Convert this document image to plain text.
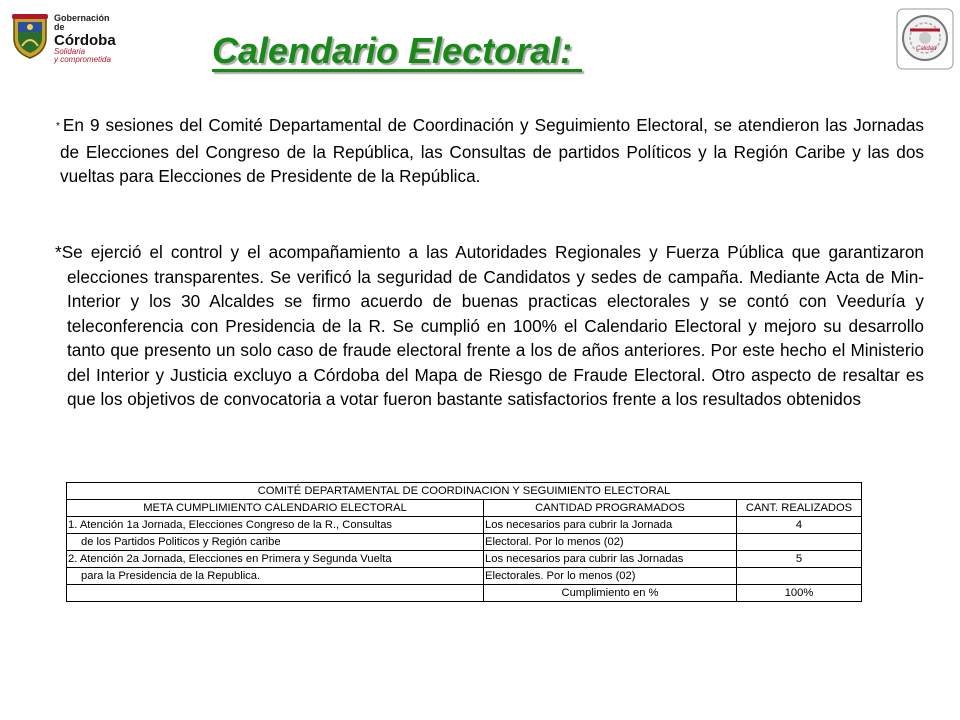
Gobernación de
Córdoba
Solidaria
y comprometida
Calidad
Calendario Electoral:

* En 9 sesiones del Comité Departamental de Coordinación y Seguimiento Electoral, se atendieron las Jornadas de Elecciones del Congreso de la República, las Consultas de partidos Políticos y la Región Caribe y las dos vueltas para Elecciones de Presidente de la República.

*Se ejerció el control y el acompañamiento a las Autoridades Regionales y Fuerza Pública que garantizaron elecciones transparentes. Se verificó la seguridad de Candidatos y sedes de campaña. Mediante Acta de Min-Interior y los 30 Alcaldes se firmo acuerdo de buenas practicas electorales y se contó con Veeduría y teleconferencia con Presidencia de la R. Se cumplió en 100% el Calendario Electoral y mejoro su desarrollo tanto que presento un solo caso de fraude electoral frente a los de años anteriores. Por este hecho el Ministerio del Interior y Justicia excluyo a Córdoba del Mapa de Riesgo de Fraude Electoral. Otro aspecto de resaltar es que los objetivos de convocatoria a votar fueron bastante satisfactorios frente a los resultados obtenidos

COMITÉ DEPARTAMENTAL DE COORDINACION Y SEGUIMIENTO ELECTORAL		
META CUMPLIMIENTO CALENDARIO ELECTORAL	CANTIDAD PROGRAMADOS	CANT. REALIZADOS
1. Atención 1a Jornada, Elecciones Congreso de la R., Consultas	Los necesarios para cubrir la Jornada	4
de los Partidos Politicos y Región caribe	Electoral. Por lo menos (02)	
2. Atención 2a Jornada, Elecciones en Primera y Segunda Vuelta	Los necesarios para cubrir las Jornadas	5
para la Presidencia de la Republica.	Electorales. Por lo menos (02)	
	Cumplimiento en %	100%
